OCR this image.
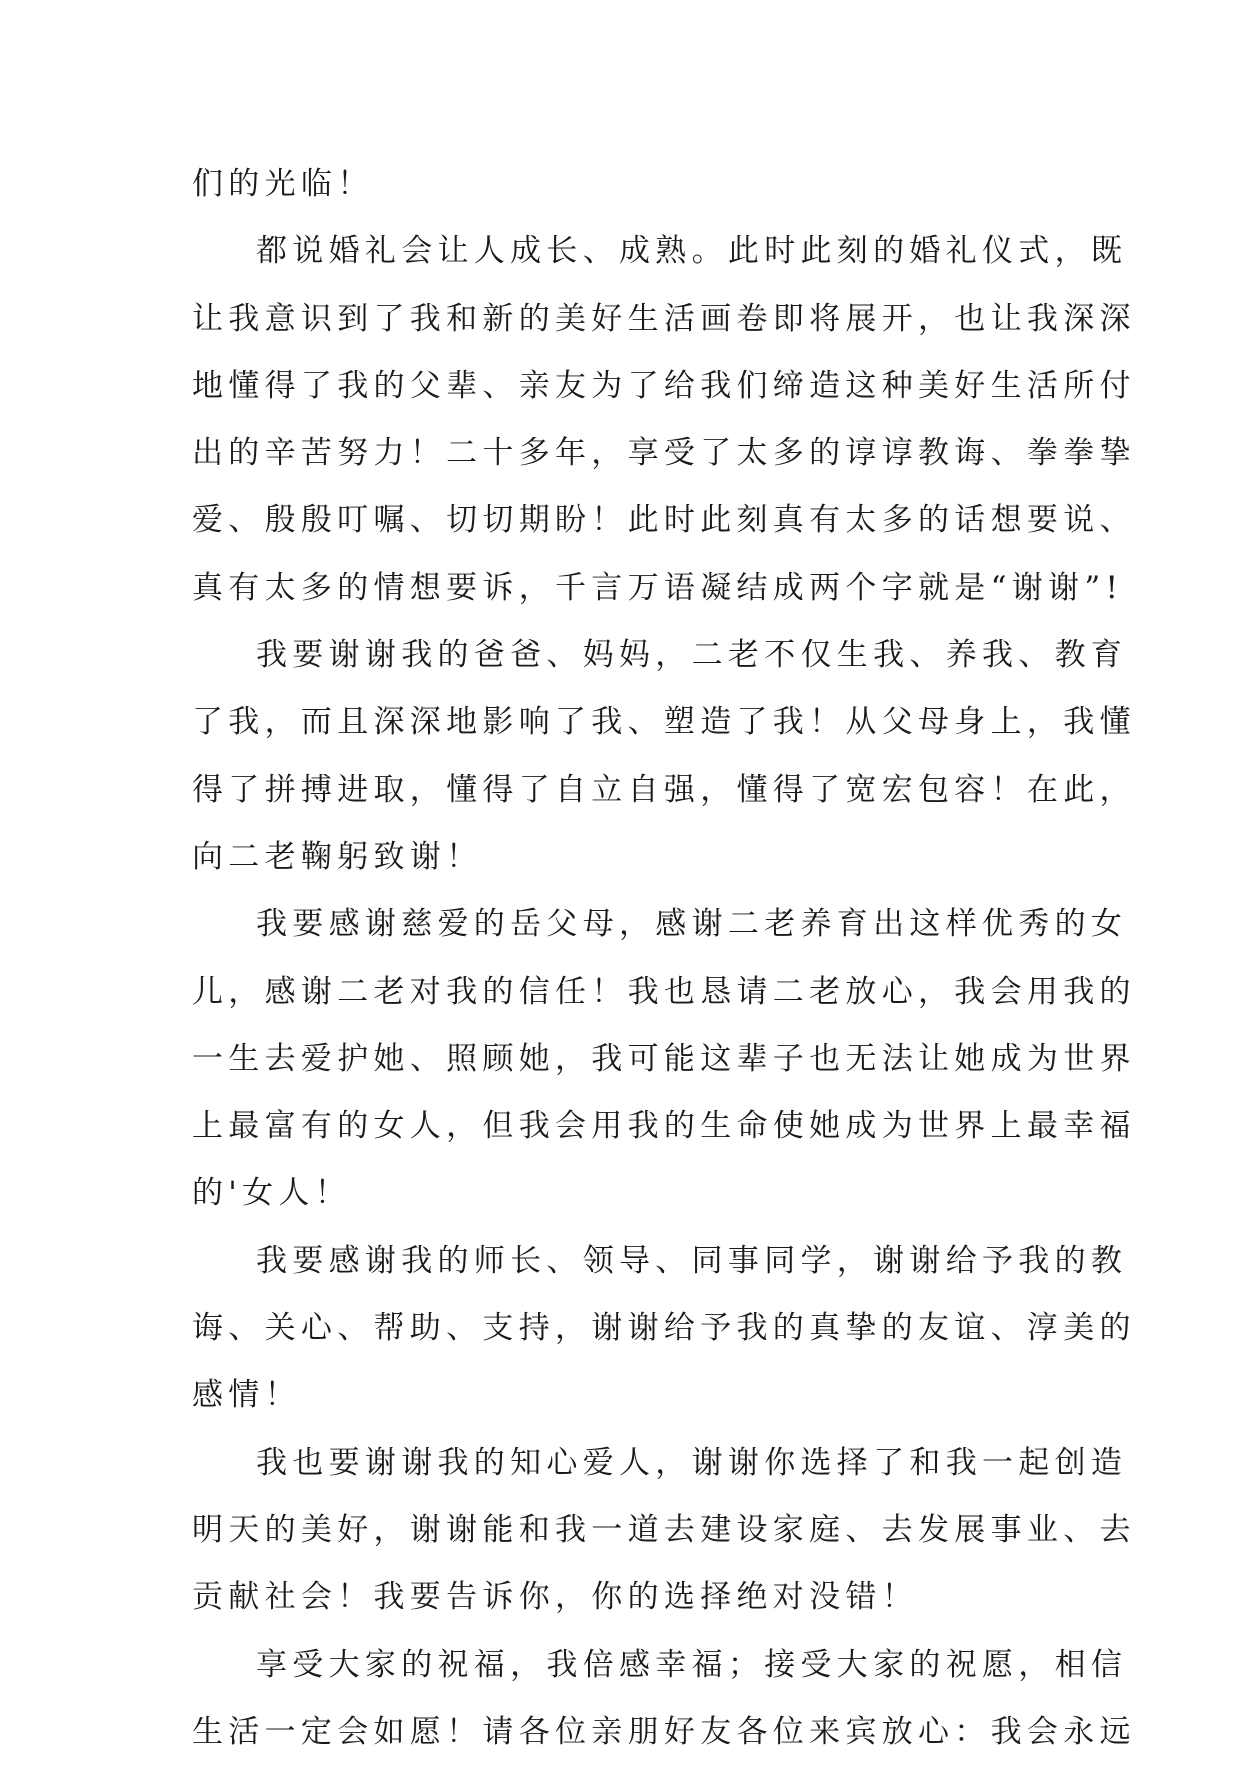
们的光临！
都说婚礼会让人成长、成熟。此时此刻的婚礼仪式，既
让我意识到了我和新的美好生活画卷即将展开，也让我深深
地懂得了我的父辈、亲友为了给我们缔造这种美好生活所付
出的辛苦努力！二十多年，享受了太多的谆谆教诲、拳拳挚
爱、殷殷叮嘱、切切期盼！此时此刻真有太多的话想要说、
真有太多的情想要诉，千言万语凝结成两个字就是“谢谢”!
我要谢谢我的爸爸、妈妈，二老不仅生我、养我、教育
了我，而且深深地影响了我、塑造了我！从父母身上，我懂
得了拼搏进取，懂得了自立自强，懂得了宽宏包容！在此，
向二老鞠躬致谢！
我要感谢慈爱的岳父母，感谢二老养育出这样优秀的女
儿，感谢二老对我的信任！我也恳请二老放心，我会用我的
一生去爱护她、照顾她，我可能这辈子也无法让她成为世界
上最富有的女人，但我会用我的生命使她成为世界上最幸福
的'女人！
我要感谢我的师长、领导、同事同学，谢谢给予我的教
诲、关心、帮助、支持，谢谢给予我的真挚的友谊、淳美的
感情！
我也要谢谢我的知心爱人，谢谢你选择了和我一起创造
明天的美好，谢谢能和我一道去建设家庭、去发展事业、去
贡献社会！我要告诉你，你的选择绝对没错！
享受大家的祝福，我倍感幸福；接受大家的祝愿，相信
生活一定会如愿！请各位亲朋好友各位来宾放心：我会永远
